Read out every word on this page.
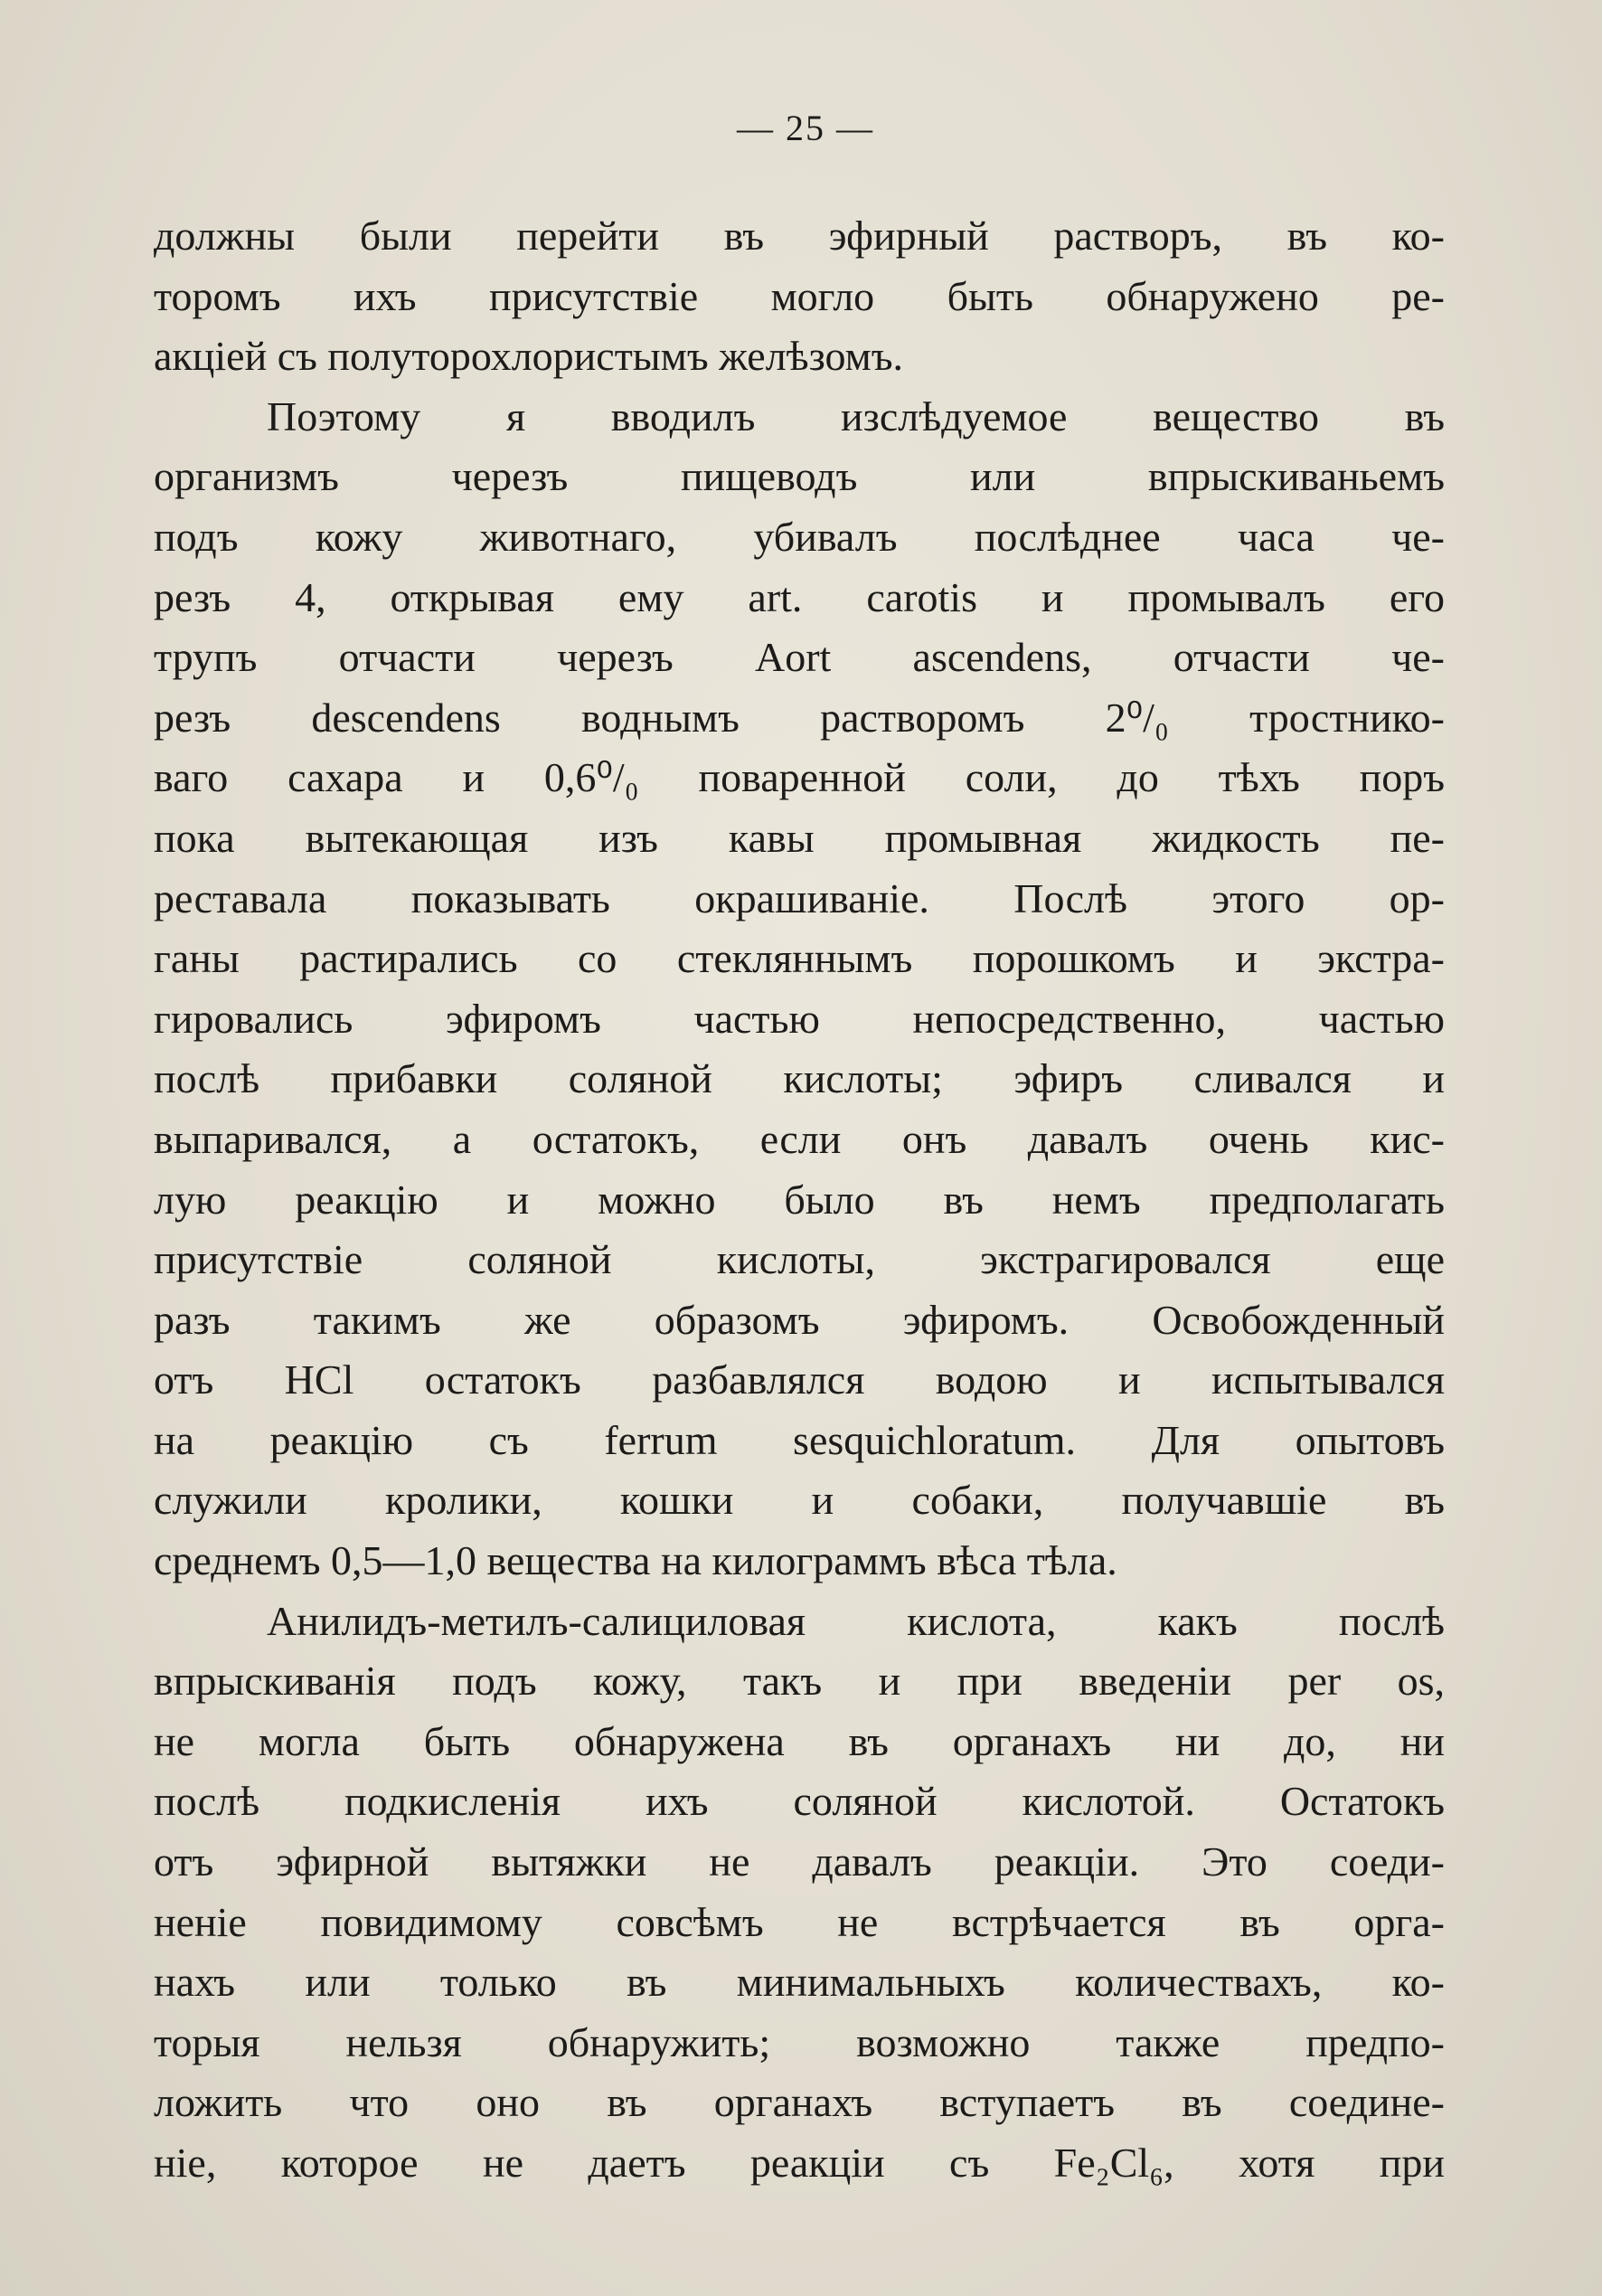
— 25 —
должны были перейти въ эфирный растворъ, въ ко-
торомъ ихъ присутствіе могло быть обнаружено ре-
акціей съ полуторохлористымъ желѣзомъ.
Поэтому я вводилъ изслѣдуемое вещество въ
организмъ черезъ пищеводъ или впрыскиваньемъ
подъ кожу животнаго, убивалъ послѣднее часа че-
резъ 4, открывая ему art. carotis и промывалъ его
трупъ отчасти черезъ Aort ascendens, отчасти че-
резъ descendens воднымъ растворомъ 2⁰/₀ тростнико-
ваго сахара и 0,6⁰/₀ поваренной соли, до тѣхъ поръ
пока вытекающая изъ кавы промывная жидкость пе-
реставала показывать окрашиваніе. Послѣ этого ор-
ганы растирались со стекляннымъ порошкомъ и экстра-
гировались эфиромъ частью непосредственно, частью
послѣ прибавки соляной кислоты; эфиръ сливался и
выпаривался, а остатокъ, если онъ давалъ очень кис-
лую реакцію и можно было въ немъ предполагать
присутствіе соляной кислоты, экстрагировался еще
разъ такимъ же образомъ эфиромъ. Освобожденный
отъ HCl остатокъ разбавлялся водою и испытывался
на реакцію съ ferrum sesquichloratum. Для опытовъ
служили кролики, кошки и собаки, получавшіе въ
среднемъ 0,5—1,0 вещества на килограммъ вѣса тѣла.
Анилидъ-метилъ-салициловая кислота, какъ послѣ
впрыскиванія подъ кожу, такъ и при введеніи per os,
не могла быть обнаружена въ органахъ ни до, ни
послѣ подкисленія ихъ соляной кислотой. Остатокъ
отъ эфирной вытяжки не давалъ реакціи. Это соеди-
неніе повидимому совсѣмъ не встрѣчается въ орга-
нахъ или только въ минимальныхъ количествахъ, ко-
торыя нельзя обнаружить; возможно также предпо-
ложить что оно въ органахъ вступаетъ въ соедине-
ніе, которое не даетъ реакціи съ Fe₂Cl₆, хотя при
